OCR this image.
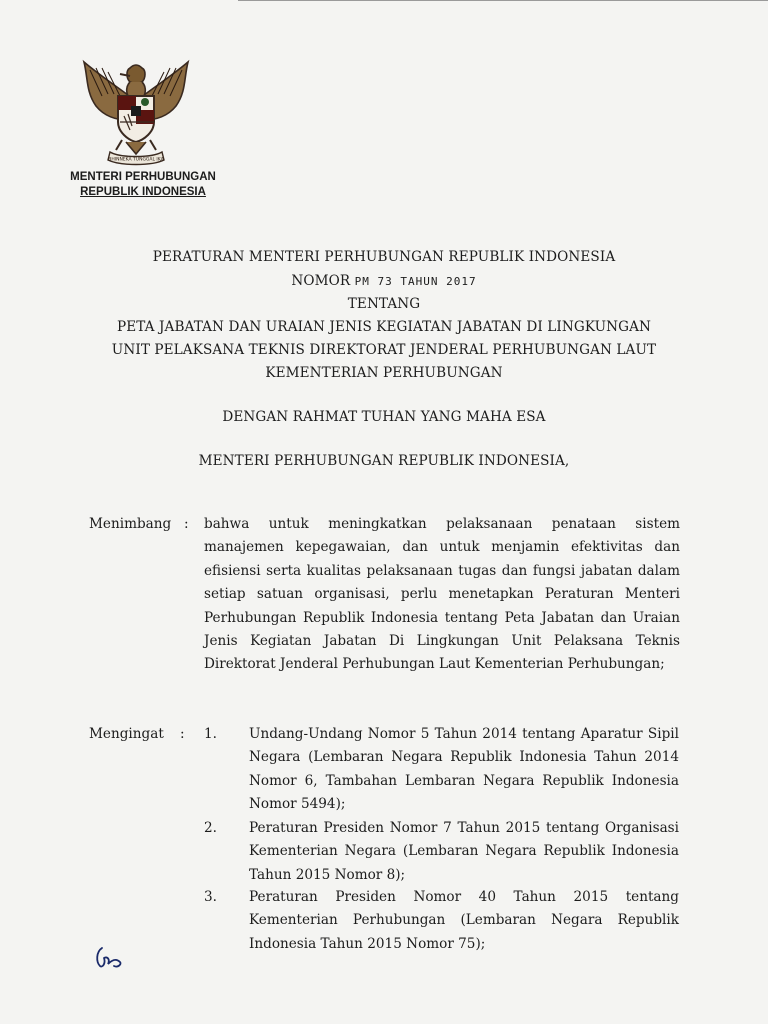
BHINNEKA TUNGGAL IKA
MENTERI PERHUBUNGAN
REPUBLIK INDONESIA
PERATURAN MENTERI PERHUBUNGAN REPUBLIK INDONESIA
NOMOR PM 73 TAHUN 2017
TENTANG
PETA JABATAN DAN URAIAN JENIS KEGIATAN JABATAN DI LINGKUNGAN
UNIT PELAKSANA TEKNIS DIREKTORAT JENDERAL PERHUBUNGAN LAUT
KEMENTERIAN PERHUBUNGAN
DENGAN RAHMAT TUHAN YANG MAHA ESA
MENTERI PERHUBUNGAN REPUBLIK INDONESIA,
Menimbang : bahwa untuk meningkatkan pelaksanaan penataan sistem manajemen kepegawaian, dan untuk menjamin efektivitas dan efisiensi serta kualitas pelaksanaan tugas dan fungsi jabatan dalam setiap satuan organisasi, perlu menetapkan Peraturan Menteri Perhubungan Republik Indonesia tentang Peta Jabatan dan Uraian Jenis Kegiatan Jabatan Di Lingkungan Unit Pelaksana Teknis Direktorat Jenderal Perhubungan Laut Kementerian Perhubungan;
Mengingat : 1. Undang-Undang Nomor 5 Tahun 2014 tentang Aparatur Sipil Negara (Lembaran Negara Republik Indonesia Tahun 2014 Nomor 6, Tambahan Lembaran Negara Republik Indonesia Nomor 5494);
2. Peraturan Presiden Nomor 7 Tahun 2015 tentang Organisasi Kementerian Negara (Lembaran Negara Republik Indonesia Tahun 2015 Nomor 8);
3. Peraturan Presiden Nomor 40 Tahun 2015 tentang Kementerian Perhubungan (Lembaran Negara Republik Indonesia Tahun 2015 Nomor 75);
